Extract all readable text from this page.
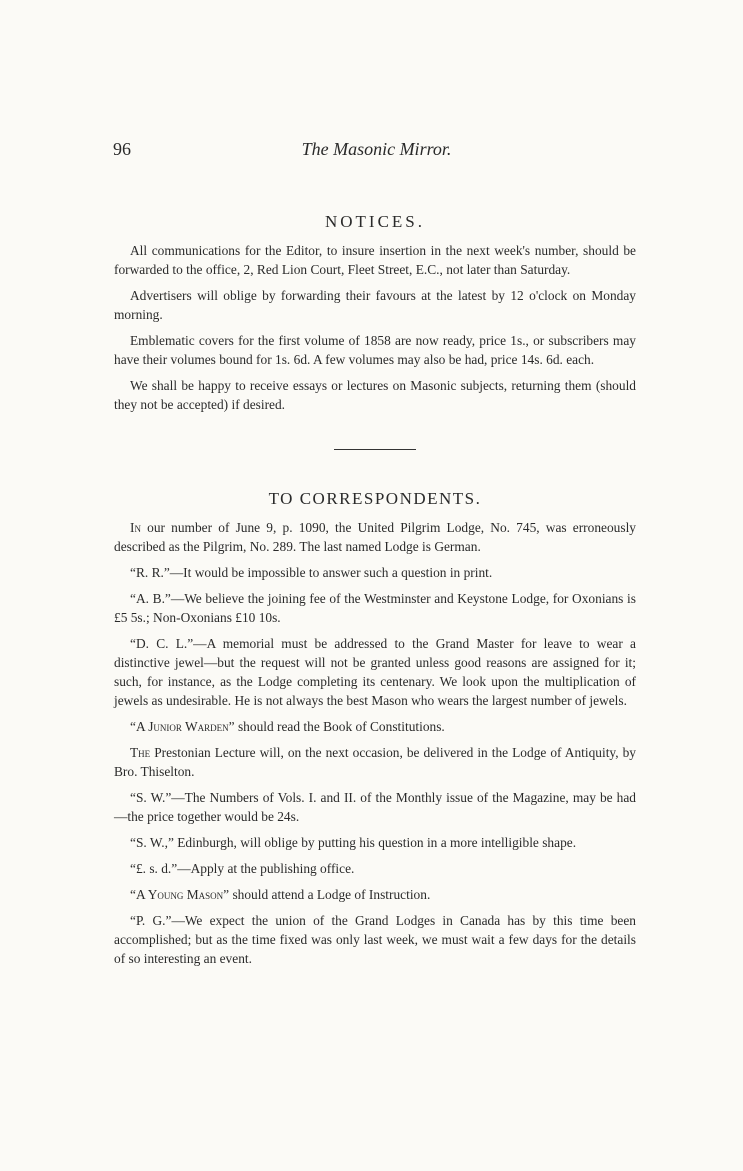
96	The Masonic Mirror.
NOTICES.

All communications for the Editor, to insure insertion in the next week's number, should be forwarded to the office, 2, Red Lion Court, Fleet Street, E.C., not later than Saturday.

Advertisers will oblige by forwarding their favours at the latest by 12 o'clock on Monday morning.

Emblematic covers for the first volume of 1858 are now ready, price 1s., or subscribers may have their volumes bound for 1s. 6d. A few volumes may also be had, price 14s. 6d. each.

We shall be happy to receive essays or lectures on Masonic subjects, returning them (should they not be accepted) if desired.

TO CORRESPONDENTS.

In our number of June 9, p. 1090, the United Pilgrim Lodge, No. 745, was erroneously described as the Pilgrim, No. 289. The last named Lodge is German.

“R. R.”—It would be impossible to answer such a question in print.

“A. B.”—We believe the joining fee of the Westminster and Keystone Lodge, for Oxonians is £5 5s.; Non-Oxonians £10 10s.

“D. C. L.”—A memorial must be addressed to the Grand Master for leave to wear a distinctive jewel—but the request will not be granted unless good reasons are assigned for it; such, for instance, as the Lodge completing its centenary. We look upon the multiplication of jewels as undesirable. He is not always the best Mason who wears the largest number of jewels.

“A Junior Warden” should read the Book of Constitutions.

The Prestonian Lecture will, on the next occasion, be delivered in the Lodge of Antiquity, by Bro. Thiselton.

“S. W.”—The Numbers of Vols. I. and II. of the Monthly issue of the Magazine, may be had—the price together would be 24s.

“S. W.,” Edinburgh, will oblige by putting his question in a more intelligible shape.

“£. s. d.”—Apply at the publishing office.

“A Young Mason” should attend a Lodge of Instruction.

“P. G.”—We expect the union of the Grand Lodges in Canada has by this time been accomplished; but as the time fixed was only last week, we must wait a few days for the details of so interesting an event.
